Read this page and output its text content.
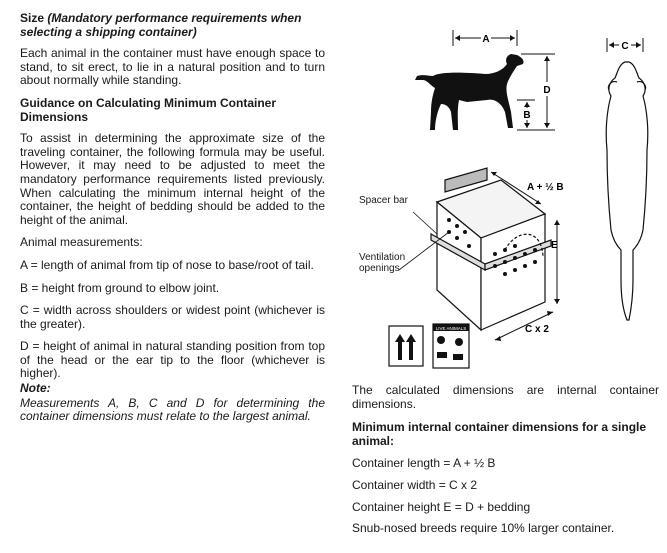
Size (Mandatory performance requirements when selecting a shipping container)

Each animal in the container must have enough space to stand, to sit erect, to lie in a natural position and to turn about normally while standing.

Guidance on Calculating Minimum Container Dimensions

To assist in determining the approximate size of the traveling container, the following formula may be useful. However, it may need to be adjusted to meet the mandatory performance requirements listed previously. When calculating the minimum internal height of the container, the height of bedding should be added to the height of the animal.

Animal measurements:

A = length of animal from tip of nose to base/root of tail.

B = height from ground to elbow joint.

C = width across shoulders or widest point (whichever is the greater).

D = height of animal in natural standing position from top of the head or the ear tip to the floor (whichever is higher).

Note:
Measurements A, B, C and D for determining the container dimensions must relate to the largest animal.
A
D
B
C
A + ½ B
E
C x 2
LIVE ANIMALS
Spacer bar
Ventilation openings

The calculated dimensions are internal container dimensions.

Minimum internal container dimensions for a single animal:
Container length = A + ½ B
Container width = C x 2
Container height E = D + bedding
Snub-nosed breeds require 10% larger container.
